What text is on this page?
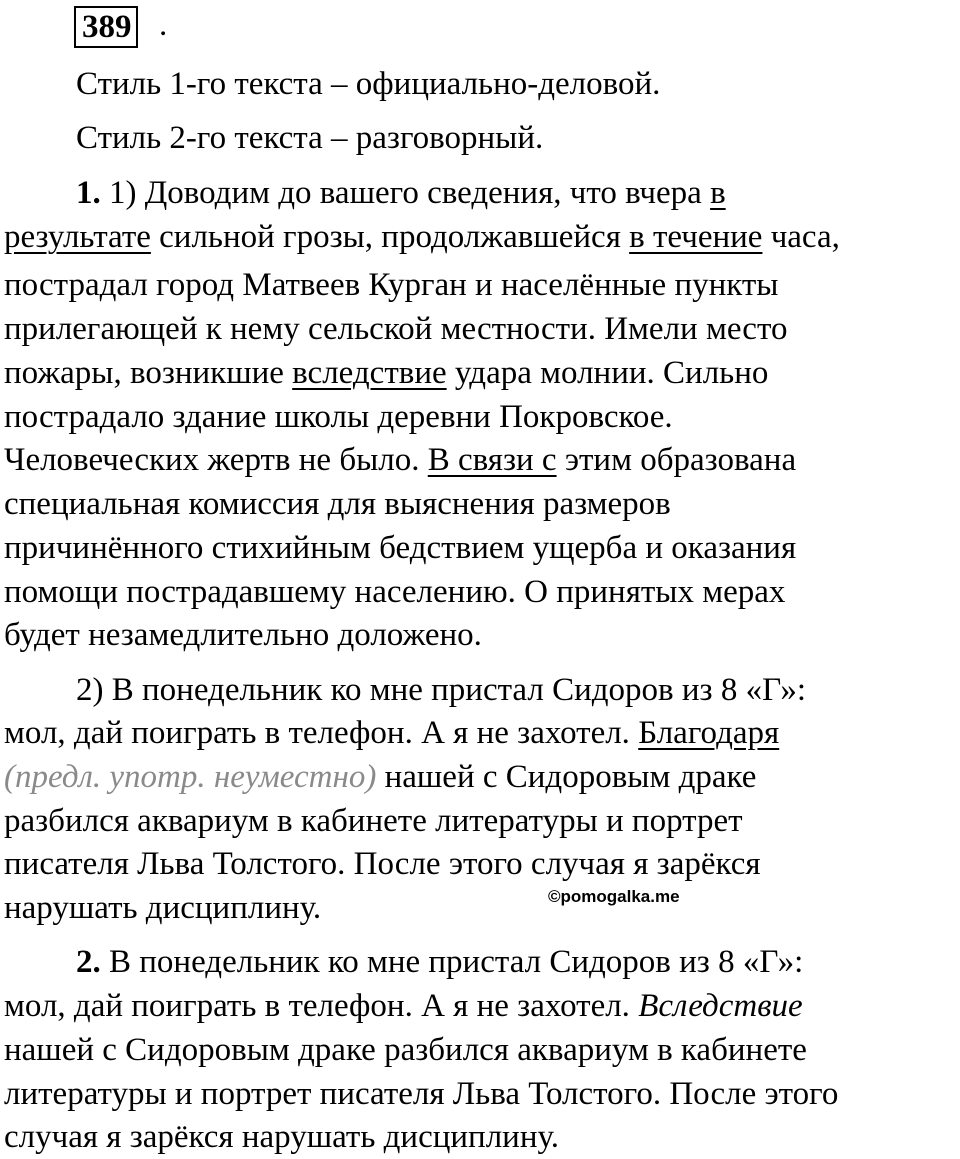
389 .
Стиль 1-го текста – официально-деловой.
Стиль 2-го текста – разговорный.
1. 1) Доводим до вашего сведения, что вчера в
результате сильной грозы, продолжавшейся в течение часа,
пострадал город Матвеев Курган и населённые пункты
прилегающей к нему сельской местности. Имели место
пожары, возникшие вследствие удара молнии. Сильно
пострадало здание школы деревни Покровское.
Человеческих жертв не было. В связи с этим образована
специальная комиссия для выяснения размеров
причинённого стихийным бедствием ущерба и оказания
помощи пострадавшему населению. О принятых мерах
будет незамедлительно доложено.
2) В понедельник ко мне пристал Сидоров из 8 «Г»:
мол, дай поиграть в телефон. А я не захотел. Благодаря
(предл. употр. неуместно) нашей с Сидоровым драке
разбился аквариум в кабинете литературы и портрет
писателя Льва Толстого. После этого случая я зарёкся
нарушать дисциплину.	©pomogalka.me
2. В понедельник ко мне пристал Сидоров из 8 «Г»:
мол, дай поиграть в телефон. А я не захотел. Вследствие
нашей с Сидоровым драке разбился аквариум в кабинете
литературы и портрет писателя Льва Толстого. После этого
случая я зарёкся нарушать дисциплину.
